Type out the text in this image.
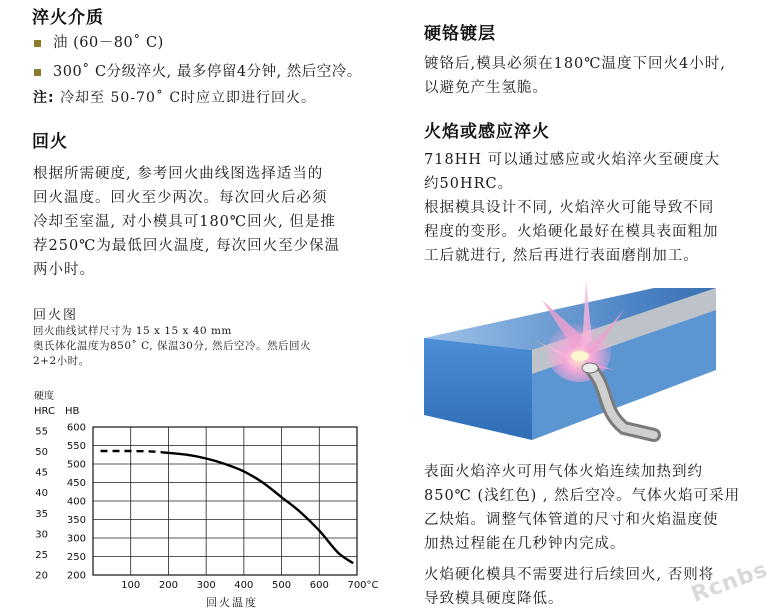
淬火介质
油 (60－80˚ C)
300˚ C分级淬火, 最多停留4分钟, 然后空冷。
注: 冷却至 50-70˚ C时应立即进行回火。
回火
根据所需硬度, 参考回火曲线图选择适当的
回火温度。回火至少两次。每次回火后必须
冷却至室温, 对小模具可180℃回火, 但是推
荐250℃为最低回火温度, 每次回火至少保温
两小时。
回火图
回火曲线试样尺寸为 15 x 15 x 40 mm
奥氏体化温度为850˚ C, 保温30分, 然后空冷。然后回火
2+2小时。
硬度
HRC HB
600
550
500
450
400
350
300
250
200
55
50
45
40
35
30
25
20
100 200 300 400 500 600 700°C
回火温度
硬铬镀层
镀铬后,模具必须在180℃温度下回火4小时,
以避免产生氢脆。
火焰或感应淬火
718HH 可以通过感应或火焰淬火至硬度大
约50HRC。
根据模具设计不同, 火焰淬火可能导致不同
程度的变形。火焰硬化最好在模具表面粗加
工后就进行, 然后再进行表面磨削加工。
表面火焰淬火可用气体火焰连续加热到约
850℃ (浅红色) , 然后空冷。气体火焰可采用
乙炔焰。调整气体管道的尺寸和火焰温度使
加热过程能在几秒钟内完成。
火焰硬化模具不需要进行后续回火, 否则将
导致模具硬度降低。	Rcnbs
